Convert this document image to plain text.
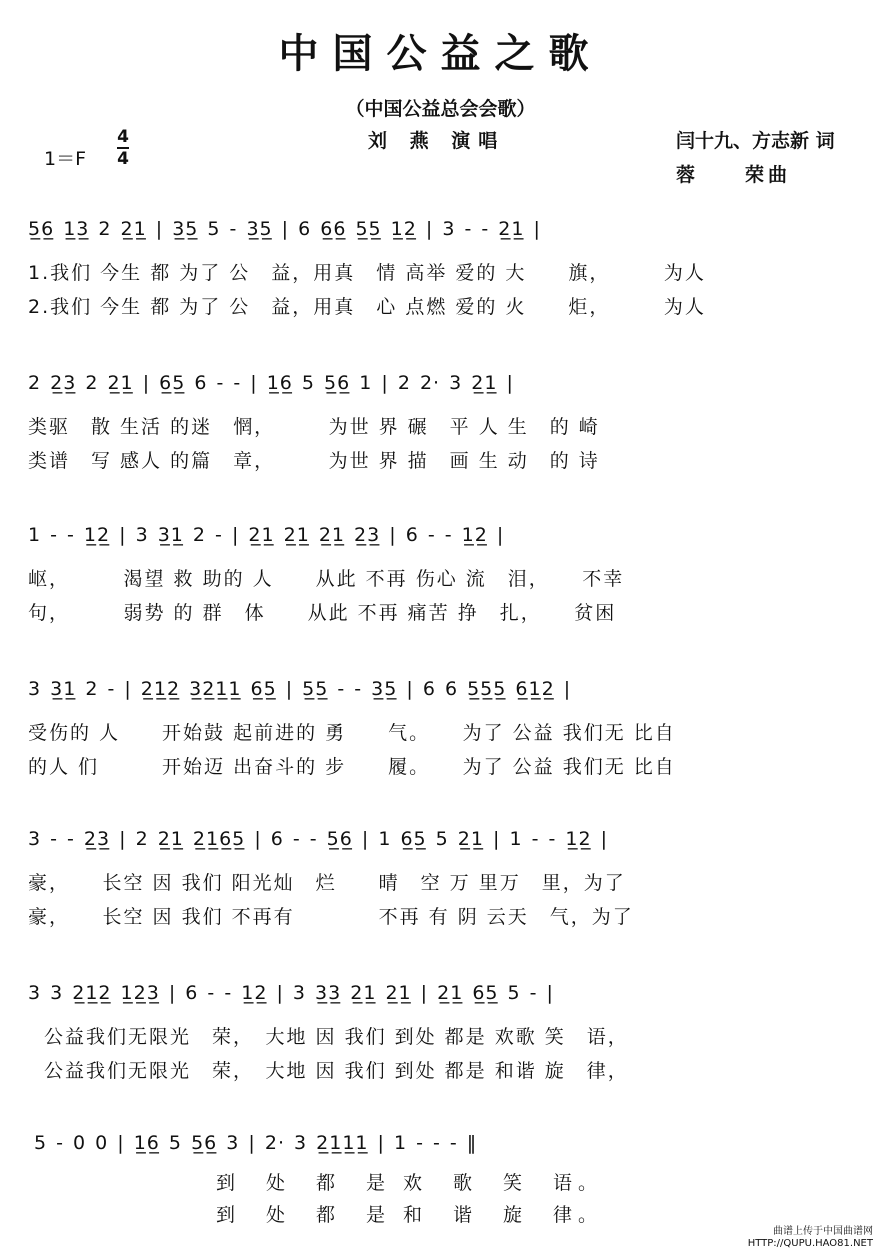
中国公益之歌
（中国公益总会会歌）
刘 燕 演唱
1＝F
4
4
闫十九、方志新 词
蓉　　荣曲
5̲6̲ 1̲3̲ 2 2̲1̲ | 3̲5̲ 5 - 3̲5̲ | 6 6̲6̲ 5̲5̲ 1̲2̲ | 3 - - 2̲1̲ |
1.我们 今生 都 为了 公　益，用真　情 高举 爱的 大　　旗，　　　为人
2.我们 今生 都 为了 公　益，用真　心 点燃 爱的 火　　炬，　　　为人
2 2̲3̲ 2 2̲1̲ | 6̲5̲ 6 - - | 1̲6̲ 5 5̲6̲ 1 | 2 2· 3 2̲1̲ |
类驱　散 生活 的迷　惘，　　　为世 界 碾　平 人 生　的 崎
类谱　写 感人 的篇　章，　　　为世 界 描　画 生 动　的 诗
1 - - 1̲2̲ | 3 3̲1̲ 2 - | 2̲1̲ 2̲1̲ 2̲1̲ 2̲3̲ | 6 - - 1̲2̲ |
岖，　　　渴望 救 助的 人　　从此 不再 伤心 流　泪，　　不幸
句，　　　弱势 的 群　体　　从此 不再 痛苦 挣　扎，　　贫困
3 3̲1̲ 2 - | 2̲1̲2̲ 3̲2̲1̲1̲ 6̲5̲ | 5̲5̲ - - 3̲5̲ | 6 6 5̲5̲5̲ 6̲1̲2̲ |
受伤的 人　　开始鼓 起前进的 勇　　气。　　为了 公益 我们无 比自
的人 们　　　开始迈 出奋斗的 步　　履。　　为了 公益 我们无 比自
3 - - 2̲3̲ | 2 2̲1̲ 2̲1̲6̲5̲ | 6 - - 5̲6̲ | 1 6̲5̲ 5 2̲1̲ | 1 - - 1̲2̲ |
豪，　　长空 因 我们 阳光灿　烂　　晴　空 万 里万　里，为了
豪，　　长空 因 我们 不再有　　　　不再 有 阴 云天　气，为了
3 3 2̲1̲2̲ 1̲2̲3̲ | 6 - - 1̲2̲ | 3 3̲3̲ 2̲1̲ 2̲1̲ | 2̲1̲ 6̲5̲ 5 - |
公益我们无限光　荣，　大地 因 我们 到处 都是 欢歌 笑　语，
公益我们无限光　荣，　大地 因 我们 到处 都是 和谐 旋　律，
5 - 0 0 | 1̲6̲ 5 5̲6̲ 3 | 2· 3 2̲1̲1̲1̲ | 1 - - - ‖
到　处　都　是 欢　歌　笑　语。
到　处　都　是 和　谐　旋　律。
曲谱上传于中国曲谱网
HTTP://QUPU.HAO81.NET
